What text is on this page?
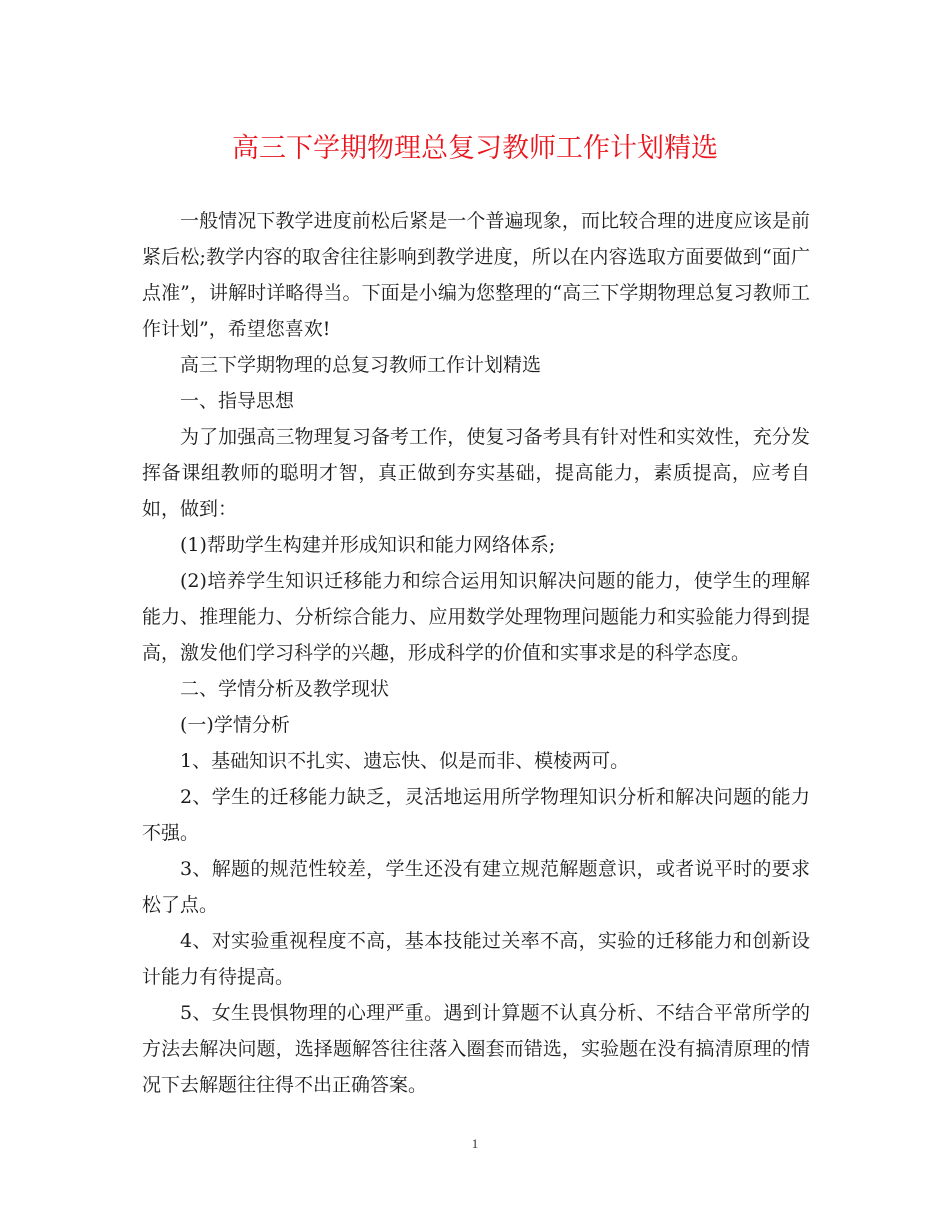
高三下学期物理总复习教师工作计划精选

一般情况下教学进度前松后紧是一个普遍现象，而比较合理的进度应该是前紧后松;教学内容的取舍往往影响到教学进度，所以在内容选取方面要做到“面广点准”，讲解时详略得当。下面是小编为您整理的“高三下学期物理总复习教师工作计划”，希望您喜欢!

高三下学期物理的总复习教师工作计划精选

一、指导思想

为了加强高三物理复习备考工作，使复习备考具有针对性和实效性，充分发挥备课组教师的聪明才智，真正做到夯实基础，提高能力，素质提高，应考自如，做到：

(1)帮助学生构建并形成知识和能力网络体系;

(2)培养学生知识迁移能力和综合运用知识解决问题的能力，使学生的理解能力、推理能力、分析综合能力、应用数学处理物理问题能力和实验能力得到提高，激发他们学习科学的兴趣，形成科学的价值和实事求是的科学态度。

二、学情分析及教学现状

(一)学情分析

1、基础知识不扎实、遗忘快、似是而非、模棱两可。

2、学生的迁移能力缺乏，灵活地运用所学物理知识分析和解决问题的能力不强。

3、解题的规范性较差，学生还没有建立规范解题意识，或者说平时的要求松了点。

4、对实验重视程度不高，基本技能过关率不高，实验的迁移能力和创新设计能力有待提高。

5、女生畏惧物理的心理严重。遇到计算题不认真分析、不结合平常所学的方法去解决问题，选择题解答往往落入圈套而错选，实验题在没有搞清原理的情况下去解题往往得不出正确答案。

1
